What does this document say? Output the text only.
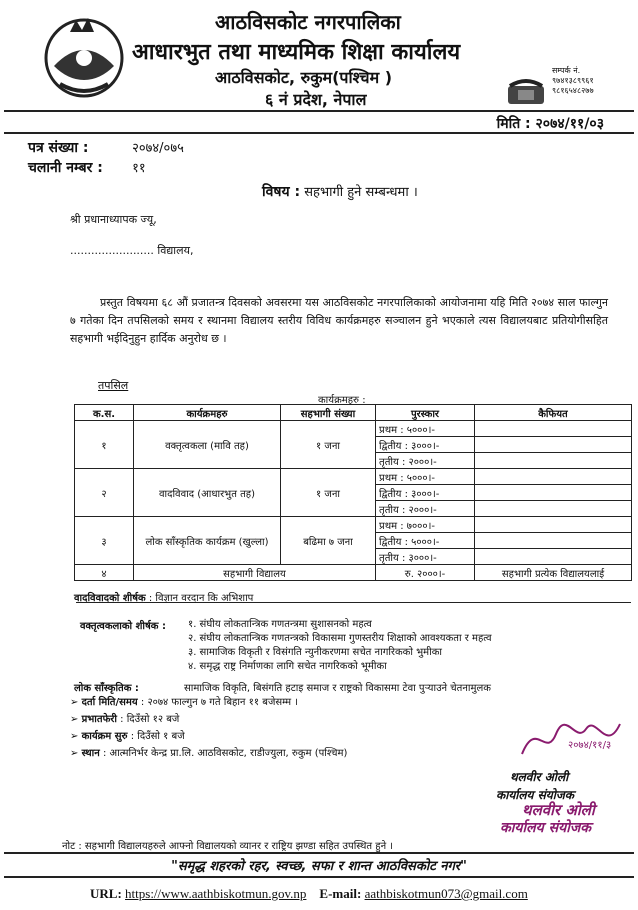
आठविसकोट नगरपालिका
आधारभुत तथा माध्यमिक शिक्षा कार्यालय
आठविसकोट, रुकुम(पश्चिम )
६ नं प्रदेश, नेपाल
सम्पर्क नं.
९७४१३८९९६१
९८१६५४८२७७
मिति : २०७४/११/०३
पत्र संख्या :	२०७४/०७५
चलानी नम्बर : ११
विषय : सहभागी हुने सम्बन्धमा ।
श्री प्रधानाध्यापक ज्यू,
........................ विद्यालय,
प्रस्तुत विषयमा ६८ औं प्रजातन्त्र दिवसको अवसरमा यस आठविसकोट नगरपालिकाको आयोजनामा यहि मिति २०७४ साल फाल्गुन ७ गतेका दिन तपसिलको समय र स्थानमा विद्यालय स्तरीय विविध कार्यक्रमहरु सञ्चालन हुने भएकाले त्यस विद्यालयबाट प्रतियोगीसहित सहभागी भईदिनुहुन हार्दिक अनुरोध छ ।
तपसिल
कार्यक्रमहरु :
क.स.	कार्यक्रमहरु	सहभागी संख्या	पुरस्कार	कैफियत
१	वक्तृत्वकला (मावि तह)	१ जना	प्रथम : ५०००।-	
			द्वितीय : ३०००।-	
			तृतीय : २०००।-	
२	वादविवाद (आधारभुत तह)	१ जना	प्रथम : ५०००।-	
			द्वितीय : ३०००।-	
			तृतीय : २०००।-	
३	लोक साँस्कृतिक कार्यक्रम (खुल्ला)	बढिमा ७ जना	प्रथम : ७०००।-	
			द्वितीय : ५०००।-	
			तृतीय : ३०००।-	
४	सहभागी विद्यालय		रु. २०००।-	सहभागी प्रत्येक विद्यालयलाई
वादविवादको शीर्षक : विज्ञान वरदान कि अभिशाप
वक्तृत्वकलाको शीर्षक : १. संघीय लोकतान्त्रिक गणतन्त्रमा सुशासनको महत्व
२. संघीय लोकतान्त्रिक गणतन्त्रको विकासमा गुणस्तरीय शिक्षाको आवश्यकता र महत्व
३. सामाजिक विकृती र विसंगति न्युनीकरणमा सचेत नागरिकको भुमीका
४. समृद्ध राष्ट्र निर्माणका लागि सचेत नागरिकको भूमीका
लोक साँस्कृतिक :	सामाजिक विकृति, बिसंगति हटाइ समाज र राष्ट्रको विकासमा टेवा पुऱ्याउने चेतनामुलक
➢ दर्ता मिति/समय : २०७४ फाल्गुन ७ गते बिहान ११ बजेसम्म ।
➢ प्रभातफेरी : दिउँसो १२ बजे
➢ कार्यक्रम सुरु : दिउँसो १ बजे
➢ स्थान : आत्मनिर्भर केन्द्र प्रा.लि. आठविसकोट, राडीज्युला, रुकुम (पश्चिम)
२०७४/११/३
थलवीर ओली
कार्यालय संयोजक
थलवीर ओली
कार्यालय संयोजक
नोट : सहभागी विद्यालयहरुले आफ्नो विद्यालयको व्यानर र राष्ट्रिय झण्डा सहित उपस्थित हुने ।
"समृद्ध शहरको रहर, स्वच्छ, सफा र शान्त आठविसकोट नगर"
URL: https://www.aathbiskotmun.gov.np E-mail: aathbiskotmun073@gmail.com
